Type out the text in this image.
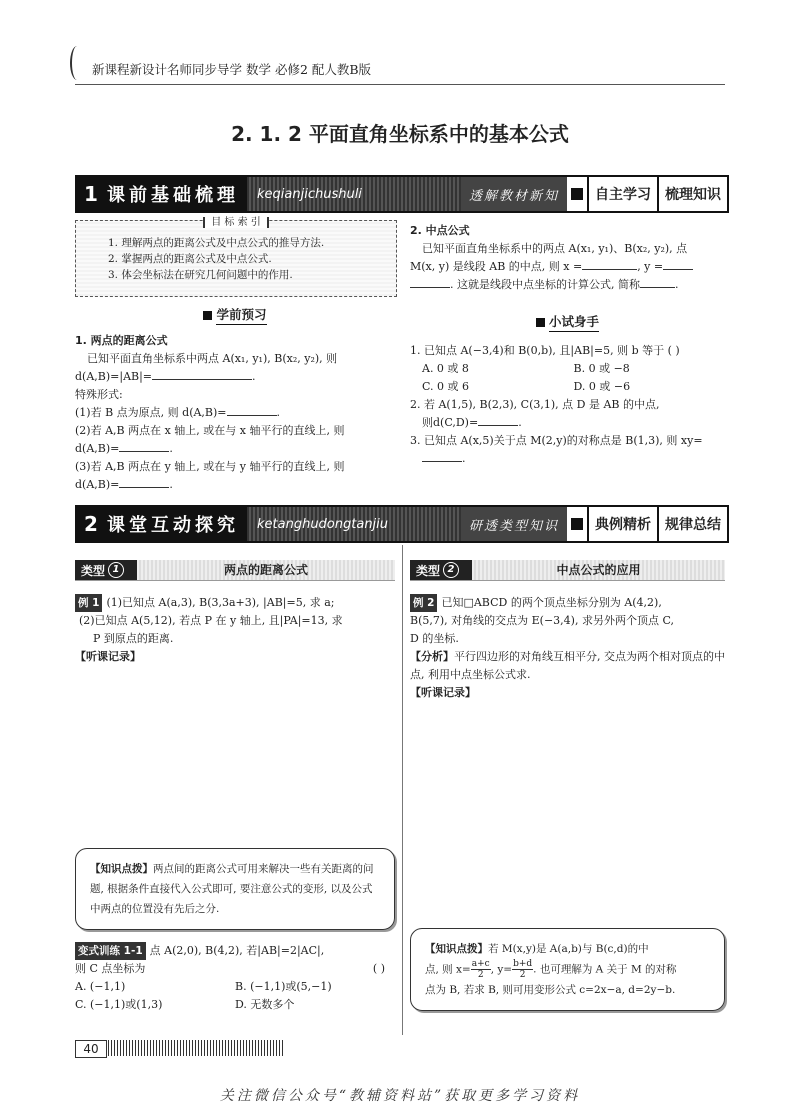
新课程新设计名师同步导学 数学 必修2 配人教B版
2. 1. 2 平面直角坐标系中的基本公式
1 课前基础梳理	keqianjichushuli	透解教材新知	自主学习	梳理知识
目 标 索 引
1. 理解两点的距离公式及中点公式的推导方法.
2. 掌握两点的距离公式及中点公式.
3. 体会坐标法在研究几何问题中的作用.
学前预习
1. 两点的距离公式
已知平面直角坐标系中两点 A(x₁, y₁), B(x₂, y₂), 则
d(A,B)=|AB|=	.
特殊形式:
(1)若 B 点为原点, 则 d(A,B)=	.
(2)若 A,B 两点在 x 轴上, 或在与 x 轴平行的直线上, 则
d(A,B)=	.
(3)若 A,B 两点在 y 轴上, 或在与 y 轴平行的直线上, 则
d(A,B)=	.
2. 中点公式
已知平面直角坐标系中的两点 A(x₁, y₁)、B(x₂, y₂), 点
M(x, y) 是线段 AB 的中点, 则 x =	, y =
. 这就是线段中点坐标的计算公式, 简称	.
小试身手
1. 已知点 A(−3,4)和 B(0,b), 且|AB|=5, 则 b 等于 ( )
A. 0 或 8	B. 0 或 −8
C. 0 或 6	D. 0 或 −6
2. 若 A(1,5), B(2,3), C(3,1), 点 D 是 AB 的中点,
则d(C,D)=	.
3. 已知点 A(x,5)关于点 M(2,y)的对称点是 B(1,3), 则 xy=
.
2 课堂互动探究	ketanghudongtanjiu	研透类型知识	典例精析	规律总结
类型 1	两点的距离公式
例 1 (1)已知点 A(a,3), B(3,3a+3), |AB|=5, 求 a;
(2)已知点 A(5,12), 若点 P 在 y 轴上, 且|PA|=13, 求
P 到原点的距离.
【听课记录】
【知识点拨】两点间的距离公式可用来解决一些有关距离的问题, 根据条件直接代入公式即可, 要注意公式的变形, 以及公式中两点的位置没有先后之分.
变式训练 1-1 点 A(2,0), B(4,2), 若|AB|=2|AC|,
则 C 点坐标为	( )
A. (−1,1)	B. (−1,1)或(5,−1)
C. (−1,1)或(1,3)	D. 无数多个
类型 2	中点公式的应用
例 2 已知□ABCD 的两个顶点坐标分别为 A(4,2),
B(5,7), 对角线的交点为 E(−3,4), 求另外两个顶点 C,
D 的坐标.
【分析】平行四边形的对角线互相平分, 交点为两个相对顶点的中点, 利用中点坐标公式求.
【听课记录】
【知识点拨】若 M(x,y)是 A(a,b)与 B(c,d)的中
点, 则 $x= \frac{a+c}{2}$, $y= \frac{b+d}{2}$. 也可理解为 A 关于 M 的对称
点为 B, 若求 B, 则可用变形公式 c=2x−a, d=2y−b.
40
关注微信公众号“教辅资料站”获取更多学习资料
